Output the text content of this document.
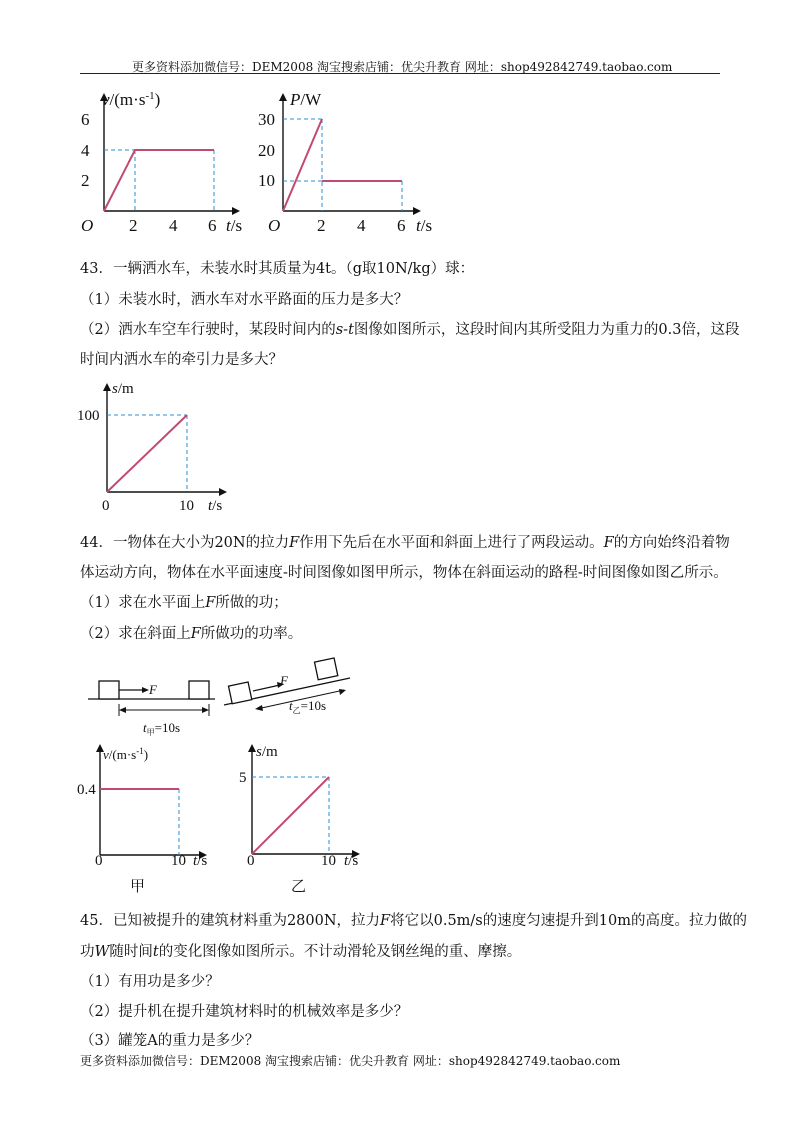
更多资料添加微信号：DEM2008 淘宝搜索店铺：优尖升教育 网址：shop492842749.taobao.com
$v/(m\cdot s^{-1})$
6
4
2
O 2 4 6 t/s
P/W
30
20
10
O 2 4 6 t/s
43．一辆洒水车，未装水时其质量为4t。（g取10N/kg）球：
（1）未装水时，洒水车对水平路面的压力是多大？
（2）洒水车空车行驶时，某段时间内的s-t图像如图所示，这段时间内其所受阻力为重力的0.3倍，这段
时间内洒水车的牵引力是多大？
s/m
100
0	10 t/s
44．一物体在大小为20N的拉力F作用下先后在水平面和斜面上进行了两段运动。F的方向始终沿着物
体运动方向，物体在水平面速度-时间图像如图甲所示，物体在斜面运动的路程-时间图像如图乙所示。
（1）求在水平面上F所做的功；
（2）求在斜面上F所做功的功率。
F
$t_甲=10s$
F
$t_乙=10s$
$v/(m\cdot s^{-1})$
0.4
0	10 t/s
甲
s/m
5
0	10 t/s
乙
45．已知被提升的建筑材料重为2800N，拉力F将它以0.5m/s的速度匀速提升到10m的高度。拉力做的
功W随时间t的变化图像如图所示。不计动滑轮及钢丝绳的重、摩擦。
（1）有用功是多少？
（2）提升机在提升建筑材料时的机械效率是多少？
（3）罐笼A的重力是多少？
更多资料添加微信号：DEM2008 淘宝搜索店铺：优尖升教育 网址：shop492842749.taobao.com
